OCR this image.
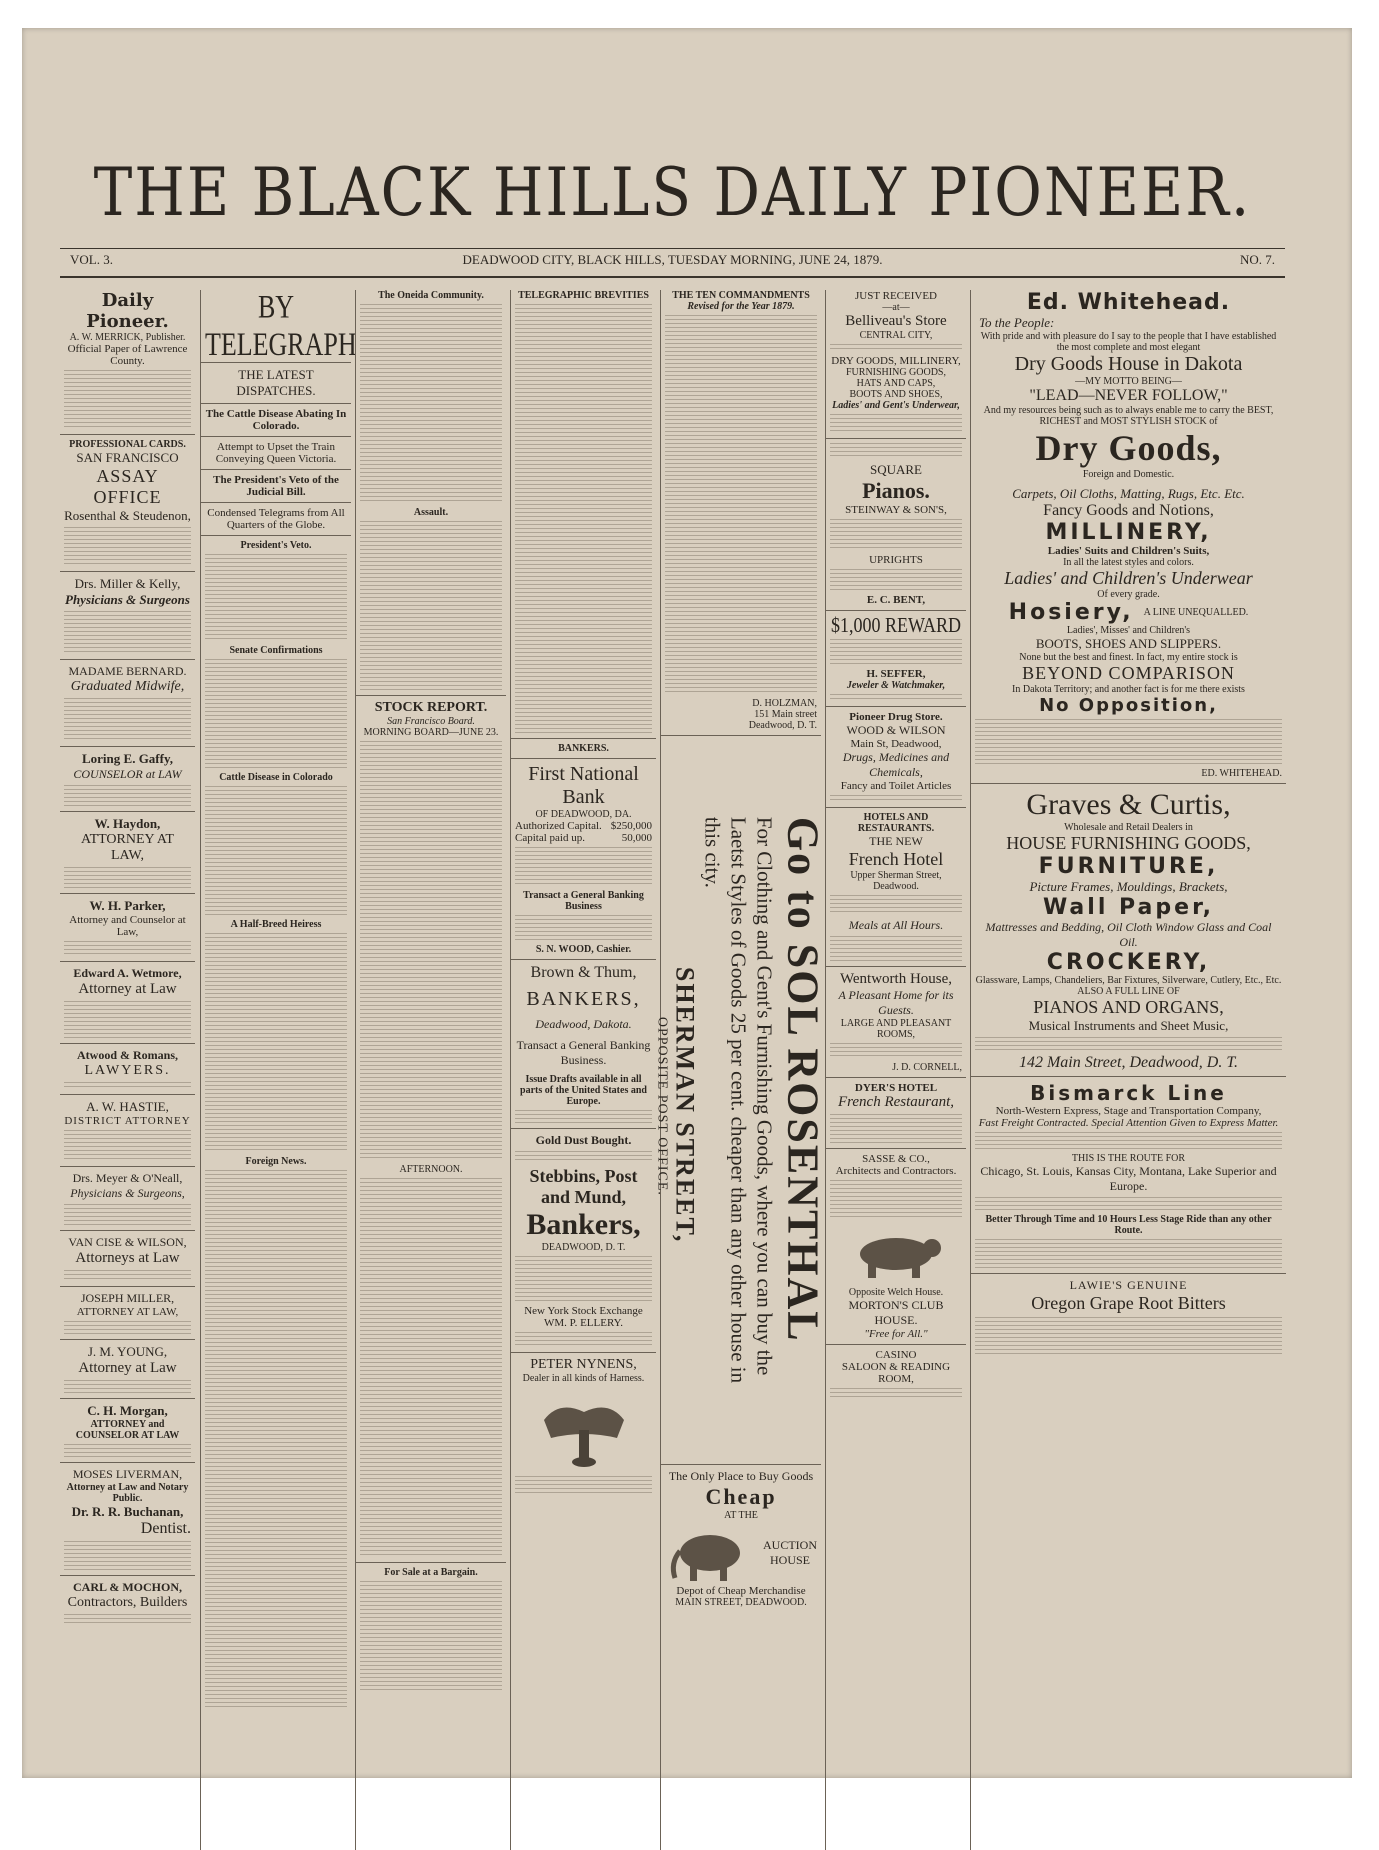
THE BLACK HILLS DAILY PIONEER.
VOL. 3.	DEADWOOD CITY, BLACK HILLS, TUESDAY MORNING, JUNE 24, 1879.	NO. 7.
Daily Pioneer.
A. W. MERRICK, Publisher.
Official Paper of Lawrence County.
PROFESSIONAL CARDS.
SAN FRANCISCO
ASSAY OFFICE
Rosenthal & Steudenon,
Drs. Miller & Kelly,
Physicians & Surgeons
MADAME BERNARD.
Graduated Midwife,
Loring E. Gaffy,
COUNSELOR at LAW
W. Haydon,
ATTORNEY AT LAW,
W. H. Parker,
Attorney and Counselor at Law,
Edward A. Wetmore,
Attorney at Law
Atwood & Romans,
LAWYERS.
A. W. HASTIE,
DISTRICT ATTORNEY
Drs. Meyer & O'Neall,
Physicians & Surgeons,
VAN CISE & WILSON,
Attorneys at Law
JOSEPH MILLER,
ATTORNEY AT LAW,
J. M. YOUNG,
Attorney at Law
C. H. Morgan,
ATTORNEY and COUNSELOR AT LAW
MOSES LIVERMAN,
Attorney at Law and Notary Public.
Dr. R. R. Buchanan,
Dentist.
CARL & MOCHON,
Contractors, Builders
BY TELEGRAPH
THE LATEST DISPATCHES.
The Cattle Disease Abating In Colorado.
Attempt to Upset the Train Conveying Queen Victoria.
The President's Veto of the Judicial Bill.
Condensed Telegrams from All Quarters of the Globe.
President's Veto.
Senate Confirmations
Cattle Disease in Colorado
A Half-Breed Heiress
Foreign News.
The Oneida Community.
Assault.
STOCK REPORT.
San Francisco Board.
MORNING BOARD—JUNE 23.
AFTERNOON.
For Sale at a Bargain.
TELEGRAPHIC BREVITIES
BANKERS.
First National Bank
OF DEADWOOD, DA.
Authorized Capital. $250,000
Capital paid up.	50,000
Transact a General Banking Business
S. N. WOOD, Cashier.
Brown & Thum,
BANKERS,
Deadwood, Dakota.
Transact a General Banking Business.
Issue Drafts available in all parts of the United States and Europe.
Gold Dust Bought.
Stebbins, Post and Mund,
Bankers,
DEADWOOD, D. T.
New York Stock Exchange
WM. P. ELLERY.
PETER NYNENS,
Dealer in all kinds of Harness.
THE TEN COMMANDMENTS
Revised for the Year 1879.
D. HOLZMAN,
151 Main street
Deadwood, D. T.
Go to SOL ROSENTHAL
For Clothing and Gent's Furnishing Goods, where you can buy the
Laetst Styles of Goods 25 per cent. cheaper than any other house in
this city.
SHERMAN STREET,
OPPOSITE POST OFFICE.
The Only Place to Buy Goods
Cheap
AT THE
AUCTION
HOUSE
Depot of Cheap Merchandise
MAIN STREET, DEADWOOD.
JUST RECEIVED
—at—
Belliveau's Store
CENTRAL CITY,
DRY GOODS, MILLINERY,
FURNISHING GOODS,
HATS AND CAPS,
BOOTS AND SHOES,
Ladies' and Gent's Underwear,
SQUARE
Pianos.
STEINWAY & SON'S,
UPRIGHTS
E. C. BENT,
$1,000 REWARD
H. SEFFER,
Jeweler & Watchmaker,
Pioneer Drug Store.
WOOD & WILSON
Main St, Deadwood,
Drugs, Medicines and Chemicals,
Fancy and Toilet Articles
HOTELS AND RESTAURANTS.
THE NEW
French Hotel
Upper Sherman Street, Deadwood.
Meals at All Hours.
Wentworth House,
A Pleasant Home for its Guests.
LARGE AND PLEASANT ROOMS,
J. D. CORNELL,
DYER'S HOTEL
French Restaurant,
SASSE & CO.,
Architects and Contractors.
Opposite Welch House.
MORTON'S CLUB HOUSE.
"Free for All."
CASINO
SALOON & READING ROOM,
Ed. Whitehead.
To the People:
With pride and with pleasure do I say to the people that I have established the most complete and most elegant
Dry Goods House in Dakota
—MY MOTTO BEING—
"LEAD—NEVER FOLLOW,"
And my resources being such as to always enable me to carry the BEST, RICHEST and MOST STYLISH STOCK of
Dry Goods,
Foreign and Domestic.
Carpets, Oil Cloths, Matting, Rugs, Etc. Etc.
Fancy Goods and Notions,
MILLINERY,
Ladies' Suits and Children's Suits,
In all the latest styles and colors.
Ladies' and Children's Underwear
Of every grade.
Hosiery, A LINE UNEQUALLED.
Ladies', Misses' and Children's
BOOTS, SHOES AND SLIPPERS.
None but the best and finest. In fact, my entire stock is
BEYOND COMPARISON
In Dakota Territory; and another fact is for me there exists
No Opposition,
ED. WHITEHEAD.
Graves & Curtis,
Wholesale and Retail Dealers in
HOUSE FURNISHING GOODS,
FURNITURE,
Picture Frames, Mouldings, Brackets,
Wall Paper,
Mattresses and Bedding, Oil Cloth Window Glass and Coal Oil.
CROCKERY,
Glassware, Lamps, Chandeliers, Bar Fixtures, Silverware, Cutlery, Etc., Etc.
ALSO A FULL LINE OF
PIANOS AND ORGANS,
Musical Instruments and Sheet Music,
142 Main Street, Deadwood, D. T.
Bismarck Line
North-Western Express, Stage and Transportation Company,
Fast Freight Contracted. Special Attention Given to Express Matter.
THIS IS THE ROUTE FOR
Chicago, St. Louis, Kansas City, Montana, Lake Superior and Europe.
Better Through Time and 10 Hours Less Stage Ride than any other Route.
LAWIE'S GENUINE
Oregon Grape Root Bitters
